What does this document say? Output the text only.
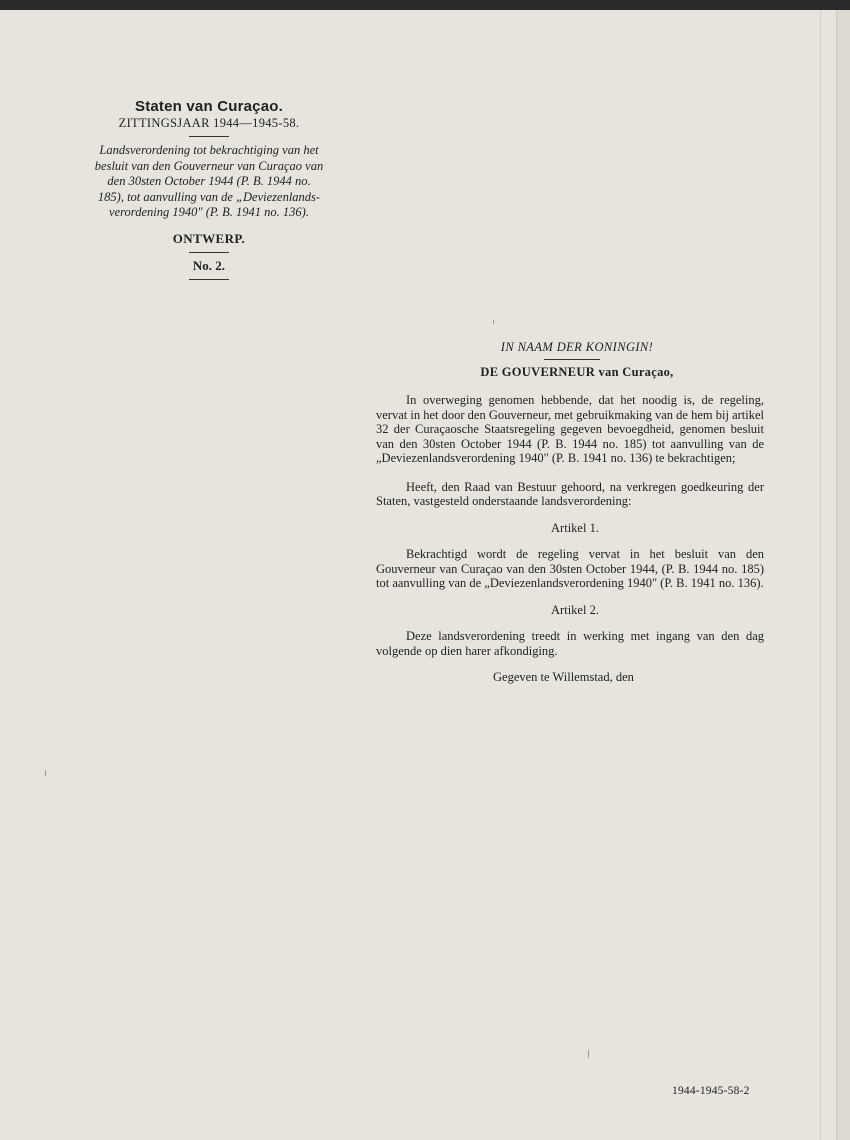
Staten van Curaçao.
ZITTINGSJAAR 1944—1945-58.
Landsverordening tot bekrachtiging van het
besluit van den Gouverneur van Curaçao van
den 30sten October 1944 (P. B. 1944 no.
185), tot aanvulling van de „Deviezenlands-
verordening 1940" (P. B. 1941 no. 136).
ONTWERP.
No. 2.
IN NAAM DER KONINGIN!
DE GOUVERNEUR van Curaçao,

In overweging genomen hebbende, dat het noodig is, de regeling, vervat in het door den Gouverneur, met gebruikmaking van de hem bij artikel 32 der Curaçaosche Staatsregeling gegeven bevoegdheid, genomen besluit van den 30sten October 1944 (P. B. 1944 no. 185) tot aanvulling van de „Deviezenlandsverordening 1940" (P. B. 1941 no. 136) te bekrachtigen;

Heeft, den Raad van Bestuur gehoord, na verkregen goedkeuring der Staten, vastgesteld onderstaande landsverordening:

Artikel 1.

Bekrachtigd wordt de regeling vervat in het besluit van den Gouverneur van Curaçao van den 30sten October 1944, (P. B. 1944 no. 185) tot aanvulling van de „Deviezenlandsverordening 1940" (P. B. 1941 no. 136).

Artikel 2.

Deze landsverordening treedt in werking met ingang van den dag volgende op dien harer afkondiging.

Gegeven te Willemstad, den
1944-1945-58-2
